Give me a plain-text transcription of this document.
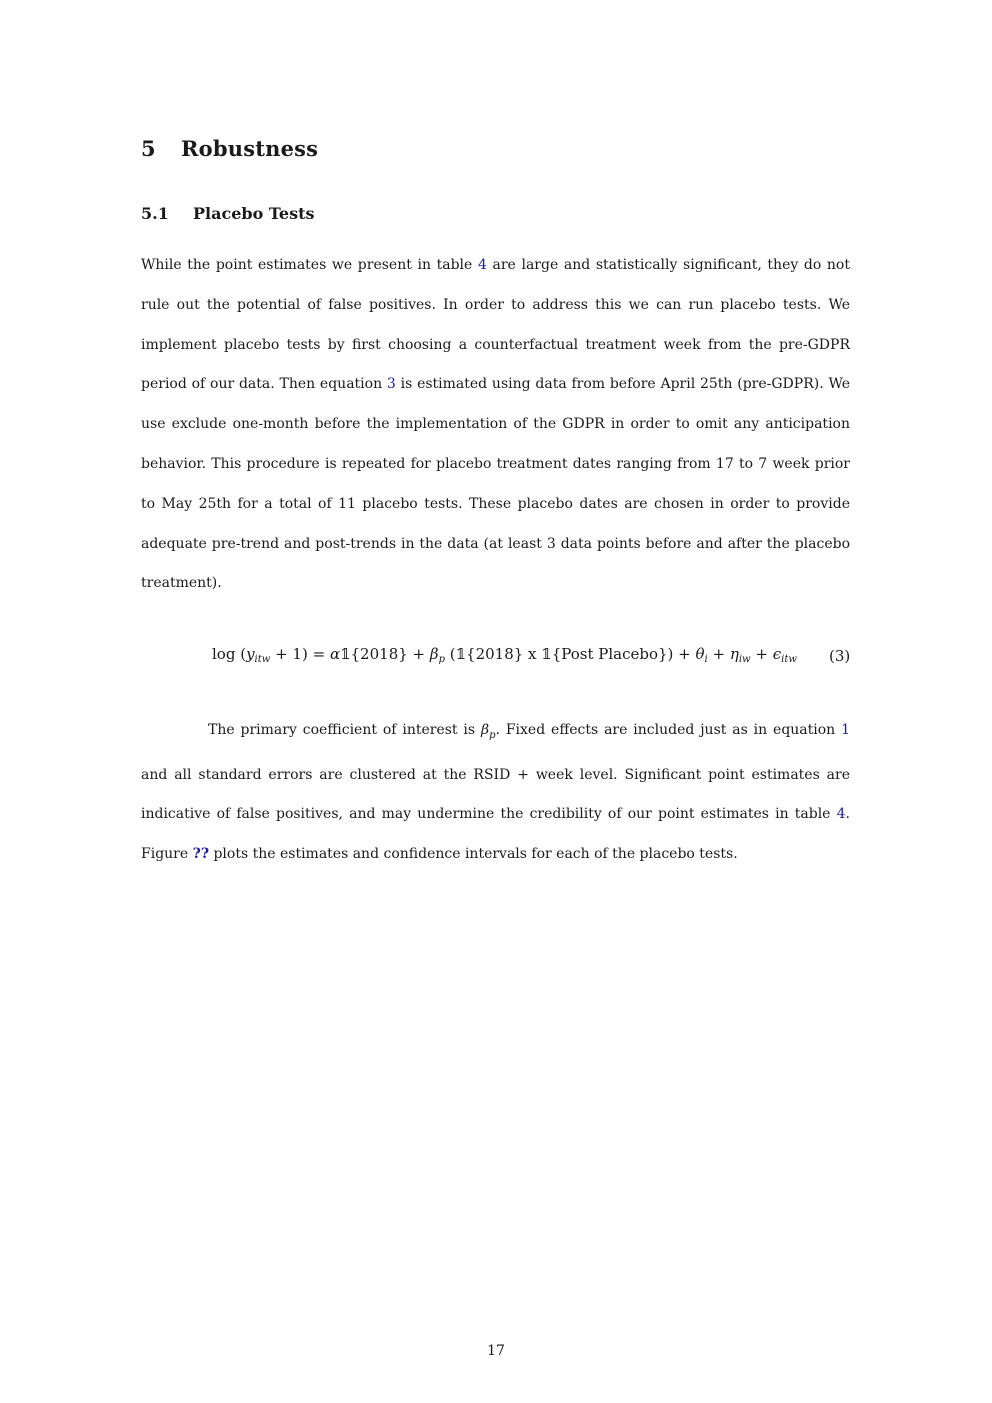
5 Robustness
5.1 Placebo Tests

While the point estimates we present in table 4 are large and statistically significant, they do not rule out the potential of false positives. In order to address this we can run placebo tests. We implement placebo tests by first choosing a counterfactual treatment week from the pre-GDPR period of our data. Then equation 3 is estimated using data from before April 25th (pre-GDPR). We use exclude one-month before the implementation of the GDPR in order to omit any anticipation behavior. This procedure is repeated for placebo treatment dates ranging from 17 to 7 week prior to May 25th for a total of 11 placebo tests. These placebo dates are chosen in order to provide adequate pre-trend and post-trends in the data (at least 3 data points before and after the placebo treatment).

$\log (y_{itw} + 1)$ = α𝟙{2018} + $\beta_p$ (𝟙{2018} x 𝟙{Post Placebo}) + $\theta_i + \eta_{iw} + \epsilon_{itw}$ (3)

The primary coefficient of interest is $\beta_p$. Fixed effects are included just as in equation 1 and all standard errors are clustered at the RSID + week level. Significant point estimates are indicative of false positives, and may undermine the credibility of our point estimates in table 4. Figure ?? plots the estimates and confidence intervals for each of the placebo tests.

17
